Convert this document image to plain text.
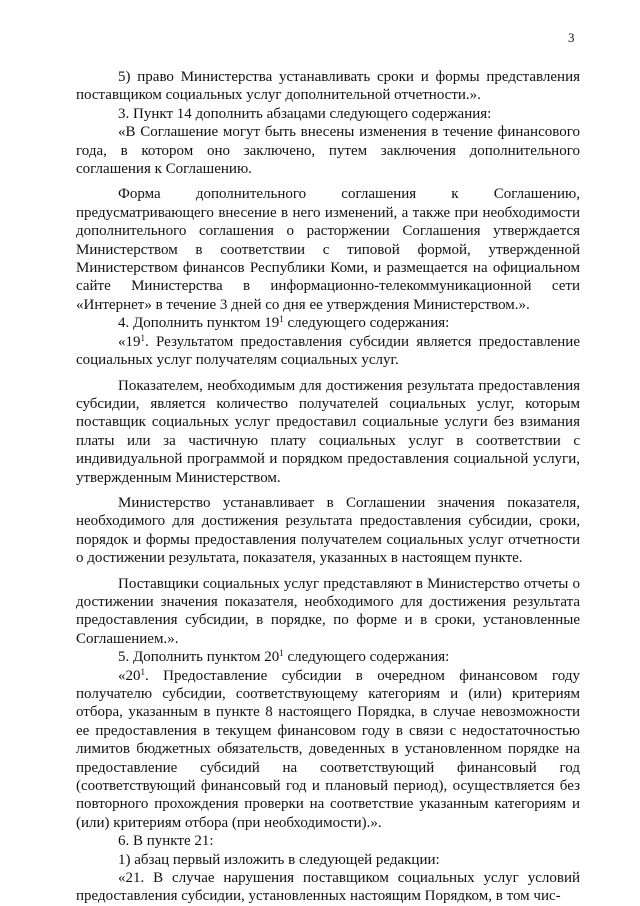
3

5) право Министерства устанавливать сроки и формы представления поставщиком социальных услуг дополнительной отчетности.».

3. Пункт 14 дополнить абзацами следующего содержания:

«В Соглашение могут быть внесены изменения в течение финансового года, в котором оно заключено, путем заключения дополнительного соглашения к Соглашению.

Форма дополнительного соглашения к Соглашению, предусматривающего внесение в него изменений, а также при необходимости дополнительного соглашения о расторжении Соглашения утверждается Министерством в соответствии с типовой формой, утвержденной Министерством финансов Республики Коми, и размещается на официальном сайте Министерства в информационно-телекоммуникационной сети «Интернет» в течение 3 дней со дня ее утверждения Министерством.».

4. Дополнить пунктом $19^1$ следующего содержания:

«$19^1$. Результатом предоставления субсидии является предоставление социальных услуг получателям социальных услуг.

Показателем, необходимым для достижения результата предоставления субсидии, является количество получателей социальных услуг, которым поставщик социальных услуг предоставил социальные услуги без взимания платы или за частичную плату социальных услуг в соответствии с индивидуальной программой и порядком предоставления социальной услуги, утвержденным Министерством.

Министерство устанавливает в Соглашении значения показателя, необходимого для достижения результата предоставления субсидии, сроки, порядок и формы предоставления получателем социальных услуг отчетности о достижении результата, показателя, указанных в настоящем пункте.

Поставщики социальных услуг представляют в Министерство отчеты о достижении значения показателя, необходимого для достижения результата предоставления субсидии, в порядке, по форме и в сроки, установленные Соглашением.».

5. Дополнить пунктом $20^1$ следующего содержания:

«$20^1$. Предоставление субсидии в очередном финансовом году получателю субсидии, соответствующему категориям и (или) критериям отбора, указанным в пункте 8 настоящего Порядка, в случае невозможности ее предоставления в текущем финансовом году в связи с недостаточностью лимитов бюджетных обязательств, доведенных в установленном порядке на предоставление субсидий на соответствующий финансовый год (соответствующий финансовый год и плановый период), осуществляется без повторного прохождения проверки на соответствие указанным категориям и (или) критериям отбора (при необходимости).».

6. В пункте 21:

1) абзац первый изложить в следующей редакции:

«21. В случае нарушения поставщиком социальных услуг условий предоставления субсидии, установленных настоящим Порядком, в том чис-
